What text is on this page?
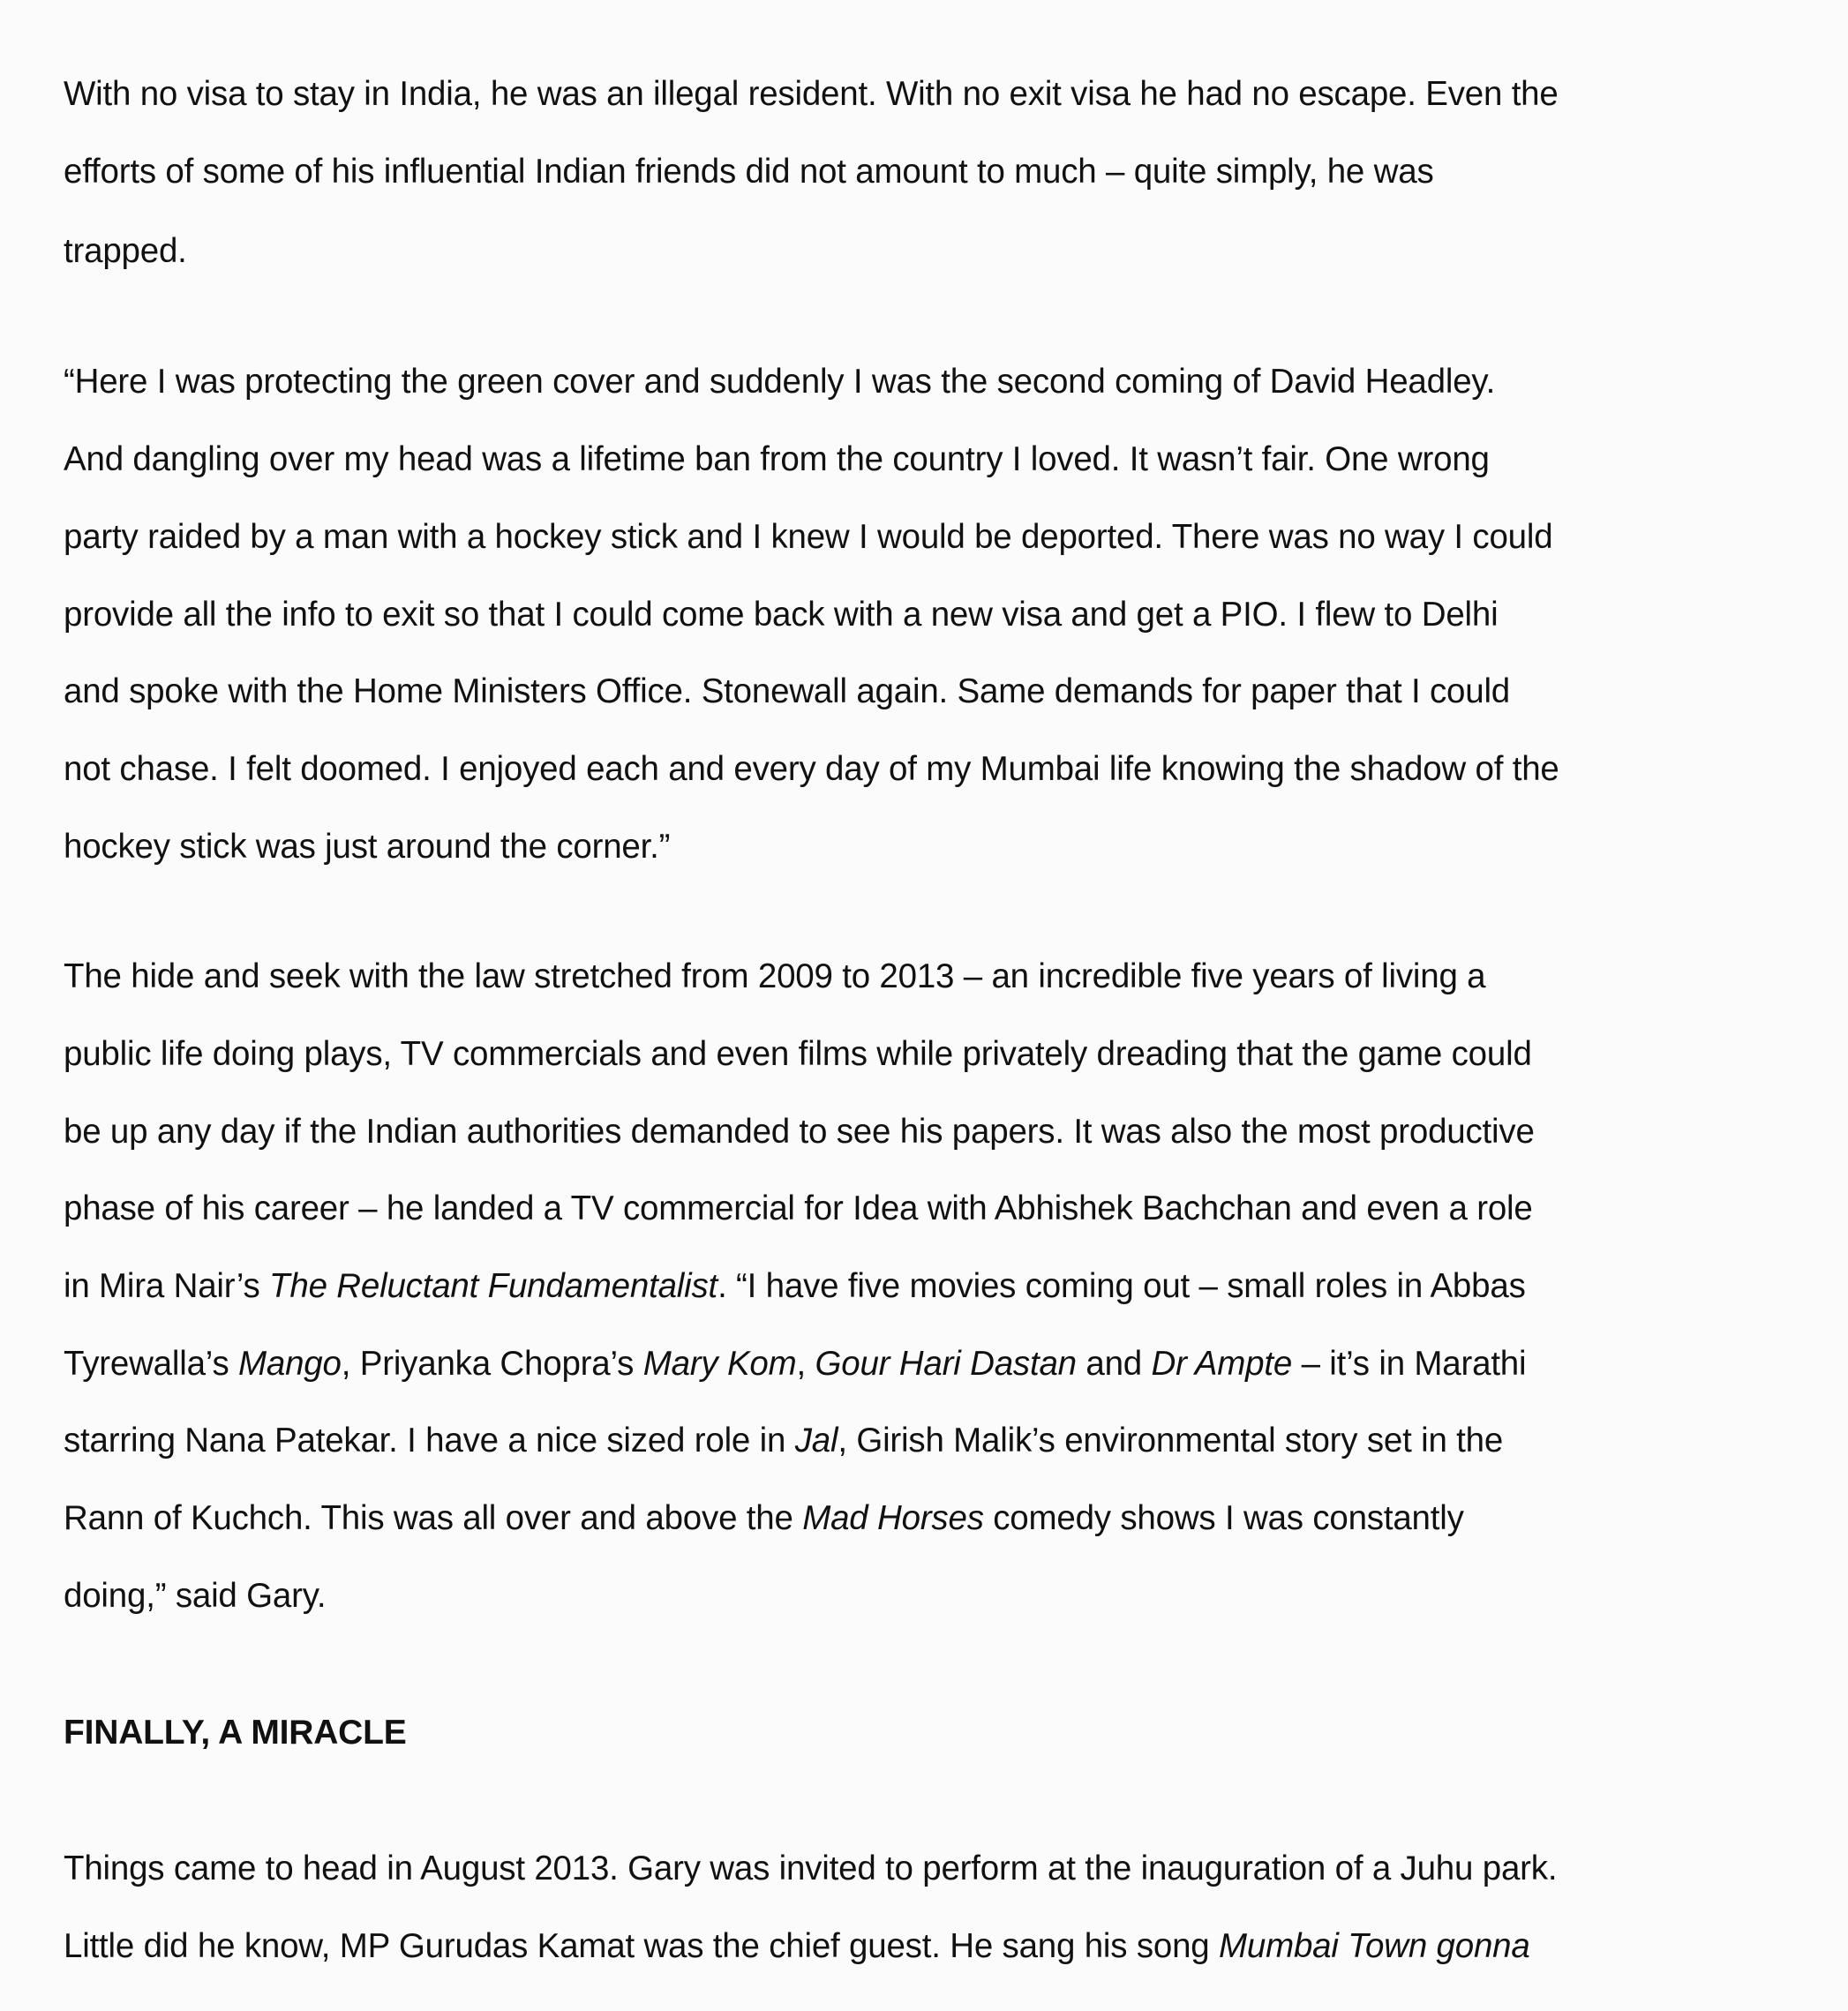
With no visa to stay in India, he was an illegal resident. With no exit visa he had no escape. Even the
efforts of some of his influential Indian friends did not amount to much – quite simply, he was
trapped.
“Here I was protecting the green cover and suddenly I was the second coming of David Headley.
And dangling over my head was a lifetime ban from the country I loved. It wasn’t fair. One wrong
party raided by a man with a hockey stick and I knew I would be deported. There was no way I could
provide all the info to exit so that I could come back with a new visa and get a PIO. I flew to Delhi
and spoke with the Home Ministers Office. Stonewall again. Same demands for paper that I could
not chase. I felt doomed. I enjoyed each and every day of my Mumbai life knowing the shadow of the
hockey stick was just around the corner.”
The hide and seek with the law stretched from 2009 to 2013 – an incredible five years of living a
public life doing plays, TV commercials and even films while privately dreading that the game could
be up any day if the Indian authorities demanded to see his papers. It was also the most productive
phase of his career – he landed a TV commercial for Idea with Abhishek Bachchan and even a role
in Mira Nair’s The Reluctant Fundamentalist. “I have five movies coming out – small roles in Abbas
Tyrewalla’s Mango, Priyanka Chopra’s Mary Kom, Gour Hari Dastan and Dr Ampte – it’s in Marathi
starring Nana Patekar. I have a nice sized role in Jal, Girish Malik’s environmental story set in the
Rann of Kuchch. This was all over and above the Mad Horses comedy shows I was constantly
doing,” said Gary.
FINALLY, A MIRACLE
Things came to head in August 2013. Gary was invited to perform at the inauguration of a Juhu park.
Little did he know, MP Gurudas Kamat was the chief guest. He sang his song Mumbai Town gonna
